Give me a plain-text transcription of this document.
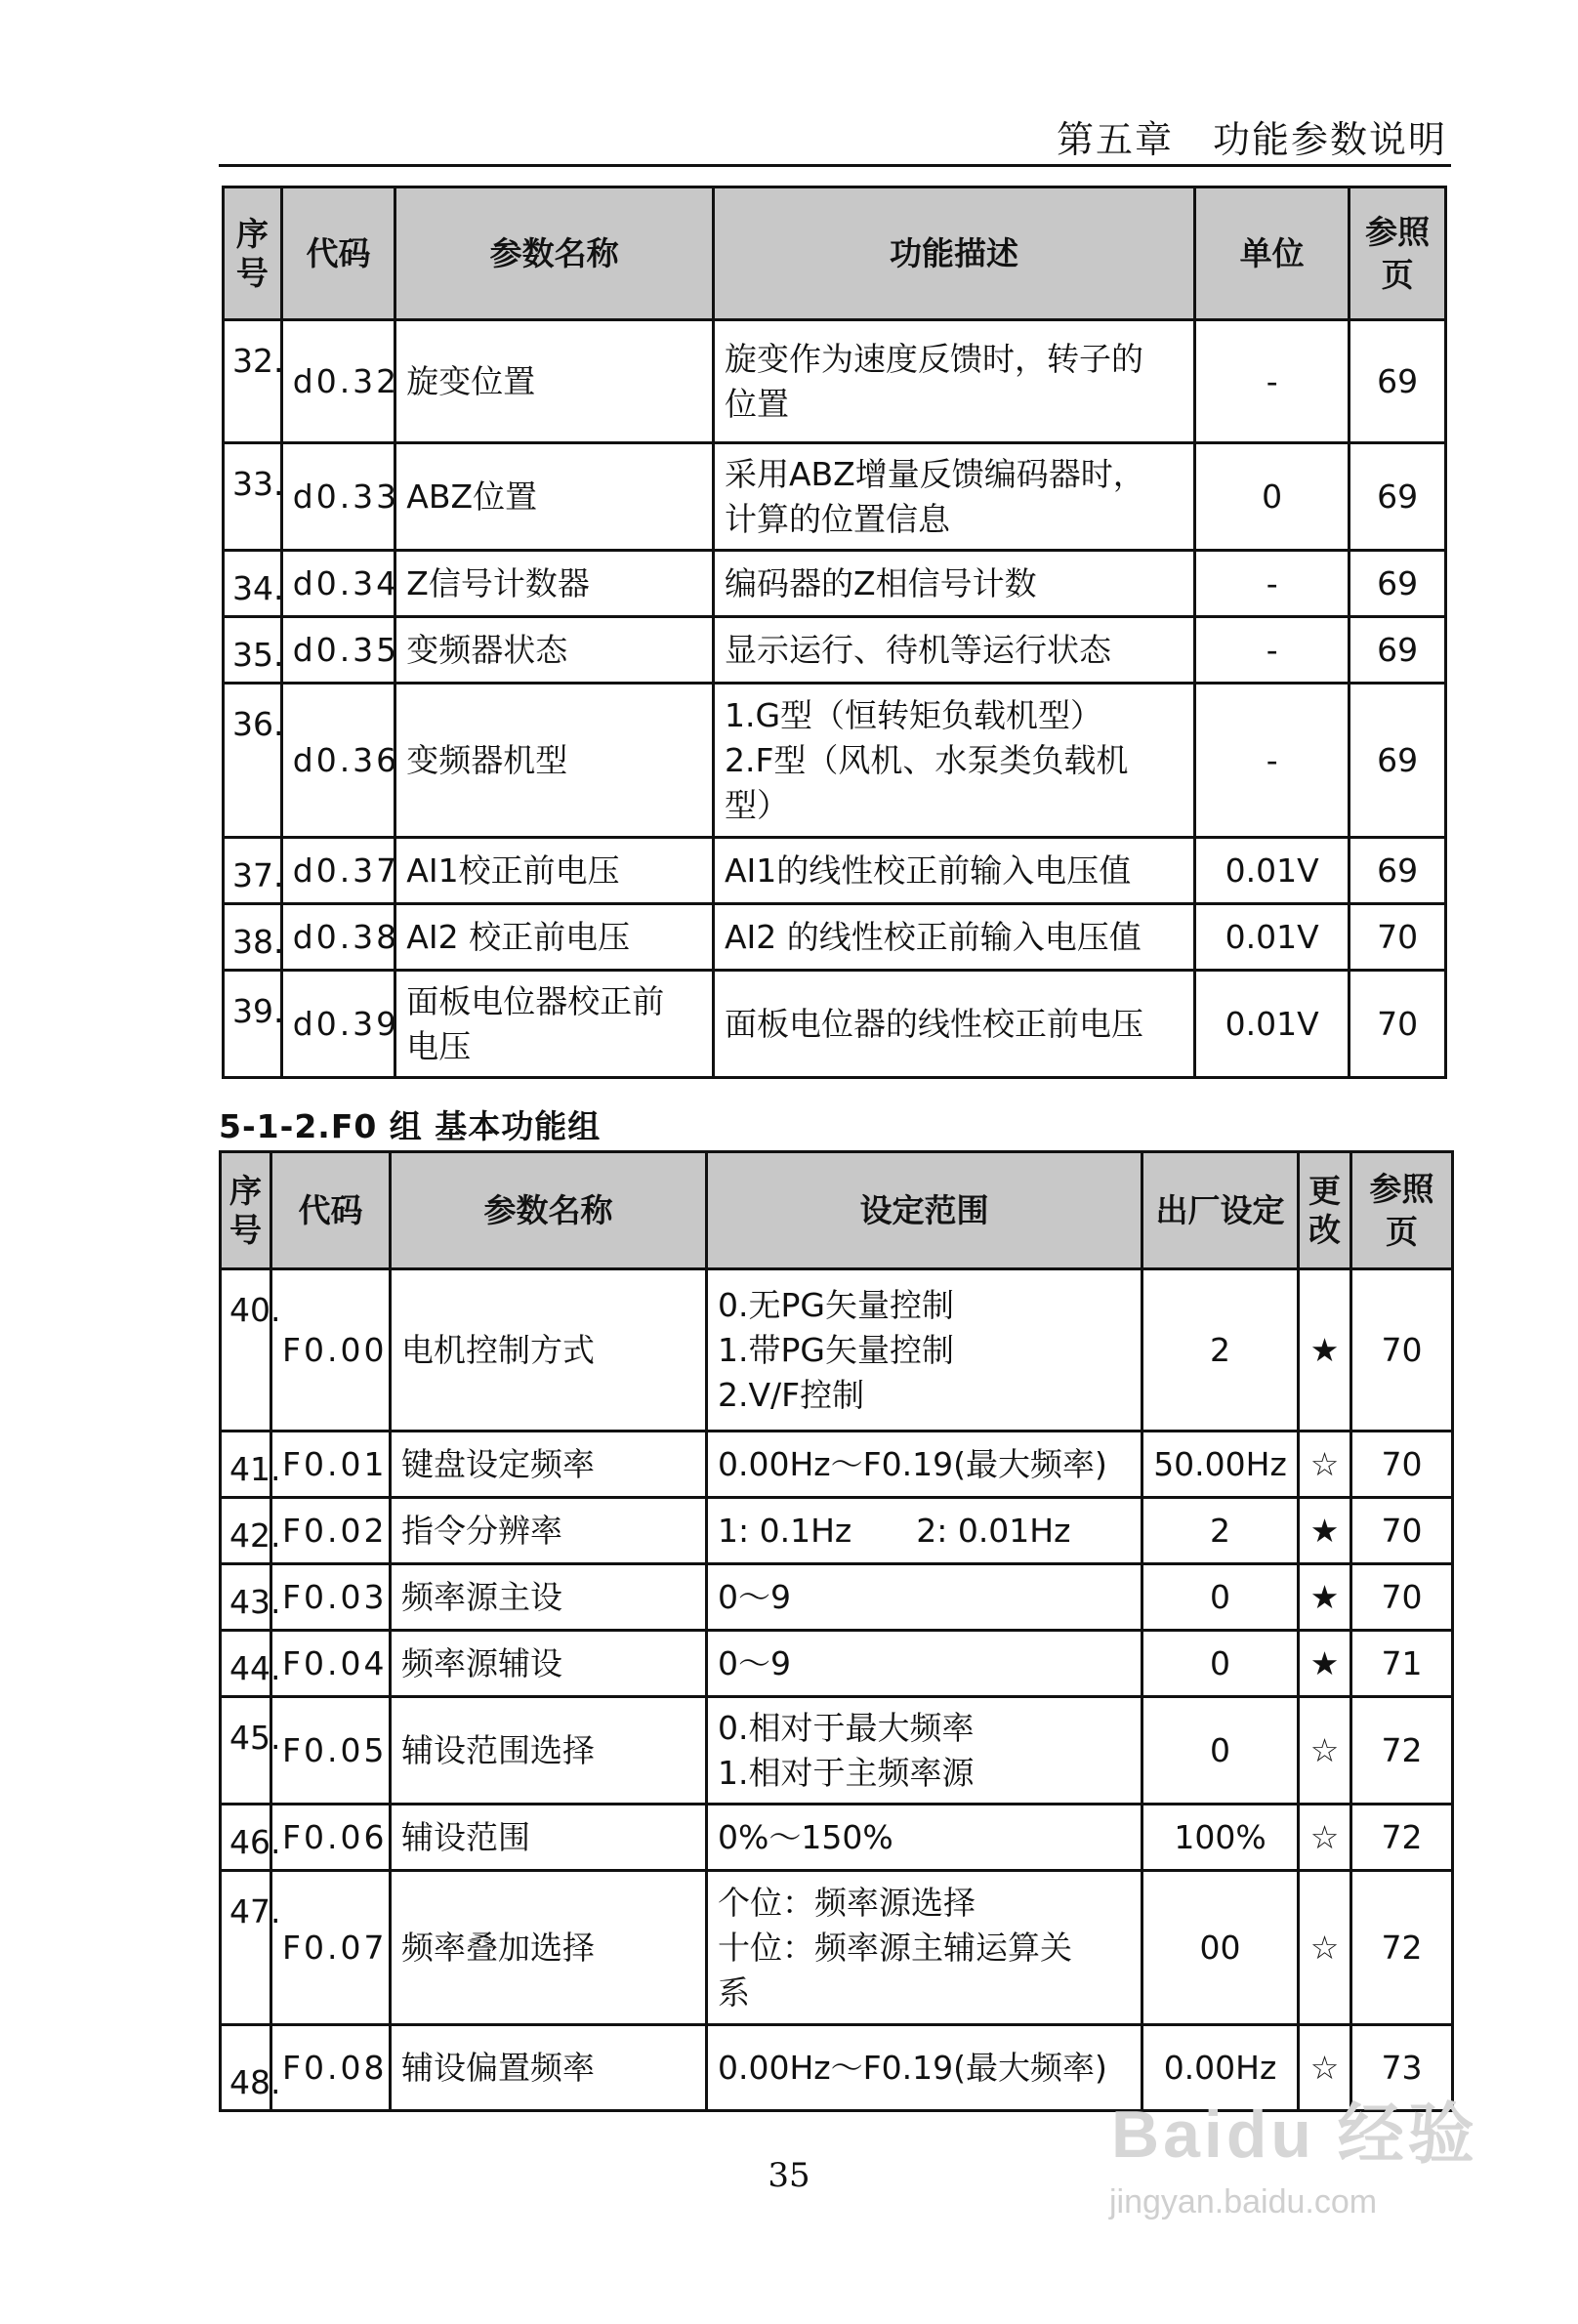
第五章　功能参数说明
序号	代码	参数名称	功能描述	单位	参照页

32.	d0.32	旋变位置	旋变作为速度反馈时，转子的
位置	-	69

33.	d0.33	ABZ位置	采用ABZ增量反馈编码器时，
计算的位置信息	0	69

34.	d0.34	Z信号计数器	编码器的Z相信号计数	-	69

35.	d0.35	变频器状态	显示运行、待机等运行状态	-	69

36.	d0.36	变频器机型	1.G型（恒转矩负载机型）
2.F型（风机、水泵类负载机
型）	-	69

37.	d0.37	AI1校正前电压	AI1的线性校正前输入电压值	0.01V	69

38.	d0.38	AI2 校正前电压	AI2 的线性校正前输入电压值	0.01V	70

39.	d0.39	面板电位器校正前
电压	面板电位器的线性校正前电压	0.01V	70
5-1-2.F0 组 基本功能组
序号	代码	参数名称	设定范围	出厂设定	更改	参照页

40.	F0.00	电机控制方式	0.无PG矢量控制
1.带PG矢量控制
2.V/F控制	2	★	70

41.	F0.01	键盘设定频率	0.00Hz～F0.19(最大频率)	50.00Hz	☆	70

42.	F0.02	指令分辨率	1: 0.1Hz　　2: 0.01Hz	2	★	70

43.	F0.03	频率源主设	0～9	0	★	70

44.	F0.04	频率源辅设	0～9	0	★	71

45.	F0.05	辅设范围选择	0.相对于最大频率
1.相对于主频率源	0	☆	72

46.	F0.06	辅设范围	0%～150%	100%	☆	72

47.	F0.07	频率叠加选择	个位：频率源选择
十位：频率源主辅运算关
系	00	☆	72

48.	F0.08	辅设偏置频率	0.00Hz～F0.19(最大频率)	0.00Hz	☆	73
35
Baidu 经验
jingyan.baidu.com
